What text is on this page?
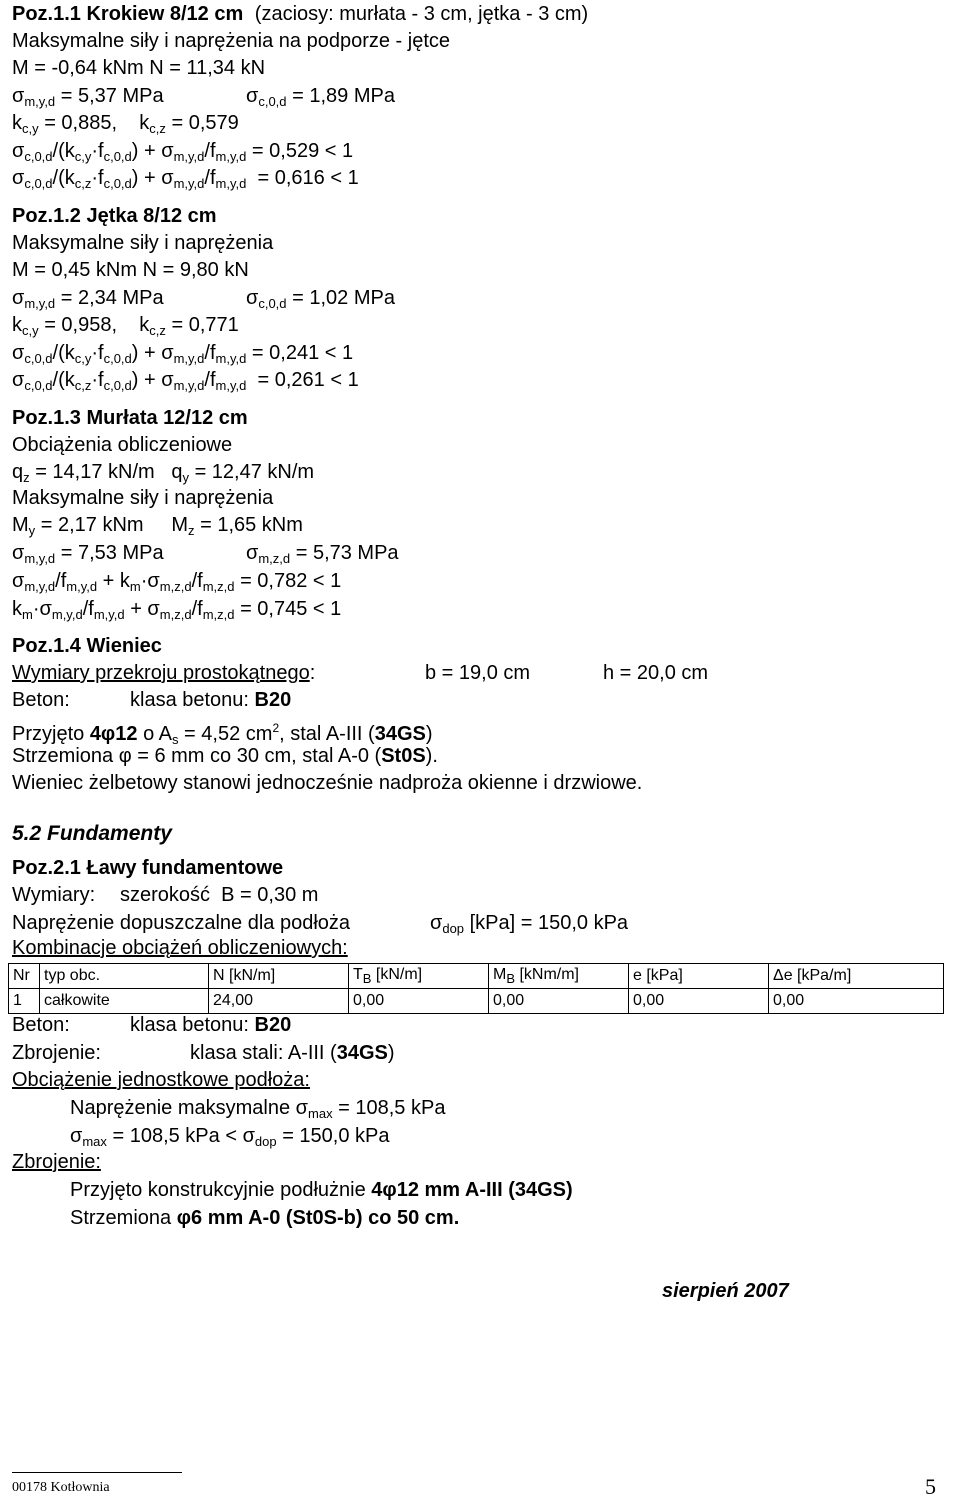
Poz.1.1 Krokiew 8/12 cm (zaciosy: murłata - 3 cm, jętka - 3 cm)
Maksymalne siły i naprężenia na podporze - jętce
M = -0,64 kNm N = 11,34 kN
$\sigma_{m,y,d} = 5,37$ MPa	$\sigma_{c,0,d} = 1,89$ MPa
$k_{c,y} = 0,885$,    $k_{c,z} = 0,579$
$\sigma_{c,0,d}/(k_{c,y}\cdot f_{c,0,d}) + \sigma_{m,y,d}/f_{m,y,d} = 0,529 < 1$
$\sigma_{c,0,d}/(k_{c,z}\cdot f_{c,0,d}) + \sigma_{m,y,d}/f_{m,y,d} = 0,616 < 1$
Poz.1.2 Jętka 8/12 cm
Maksymalne siły i naprężenia
M = 0,45 kNm N = 9,80 kN
$\sigma_{m,y,d} = 2,34$ MPa	$\sigma_{c,0,d} = 1,02$ MPa
$k_{c,y} = 0,958$,    $k_{c,z} = 0,771$
$\sigma_{c,0,d}/(k_{c,y}\cdot f_{c,0,d}) + \sigma_{m,y,d}/f_{m,y,d} = 0,241 < 1$
$\sigma_{c,0,d}/(k_{c,z}\cdot f_{c,0,d}) + \sigma_{m,y,d}/f_{m,y,d} = 0,261 < 1$
Poz.1.3 Murłata 12/12 cm
Obciążenia obliczeniowe
$q_z = 14,17$ kN/m   $q_y = 12,47$ kN/m
Maksymalne siły i naprężenia
$M_y = 2,17$ kNm     $M_z = 1,65$ kNm
$\sigma_{m,y,d} = 7,53$ MPa	$\sigma_{m,z,d} = 5,73$ MPa
$\sigma_{m,y,d}/f_{m,y,d} + k_m\cdot\sigma_{m,z,d}/f_{m,z,d} = 0,782 < 1$
$k_m\cdot\sigma_{m,y,d}/f_{m,y,d} + \sigma_{m,z,d}/f_{m,z,d} = 0,745 < 1$
Poz.1.4 Wieniec
Wymiary przekroju prostokątnego:	b = 19,0 cm	h = 20,0 cm
Beton:	klasa betonu: B20
Przyjęto 4φ12 o $A_s = 4,52$ $cm^2$, stal A-III (34GS)
Strzemiona φ = 6 mm co 30 cm, stal A-0 (St0S).
Wieniec żelbetowy stanowi jednocześnie nadproża okienne i drzwiowe.
5.2 Fundamenty
Poz.2.1 Ławy fundamentowe
Wymiary: szerokość B = 0,30 m
Naprężenie dopuszczalne dla podłoża	$\sigma_{dop}$ [kPa] = 150,0 kPa
Kombinacje obciążeń obliczeniowych:
Nr	typ obc.	N [kN/m]	$T_B$ [kN/m]	$M_B$ [kNm/m]	e [kPa]	Δe [kPa/m]
1	całkowite	24,00	0,00	0,00	0,00	0,00
Beton:	klasa betonu: B20
Zbrojenie:	klasa stali: A-III (34GS)
Obciążenie jednostkowe podłoża:
Naprężenie maksymalne $\sigma_{max} = 108,5$ kPa
$\sigma_{max} = 108,5$ kPa < $\sigma_{dop} = 150,0$ kPa
Zbrojenie:
Przyjęto konstrukcyjnie podłużnie 4φ12 mm A-III (34GS)
Strzemiona φ6 mm A-0 (St0S-b) co 50 cm.
sierpień 2007
00178 Kotłownia	5
